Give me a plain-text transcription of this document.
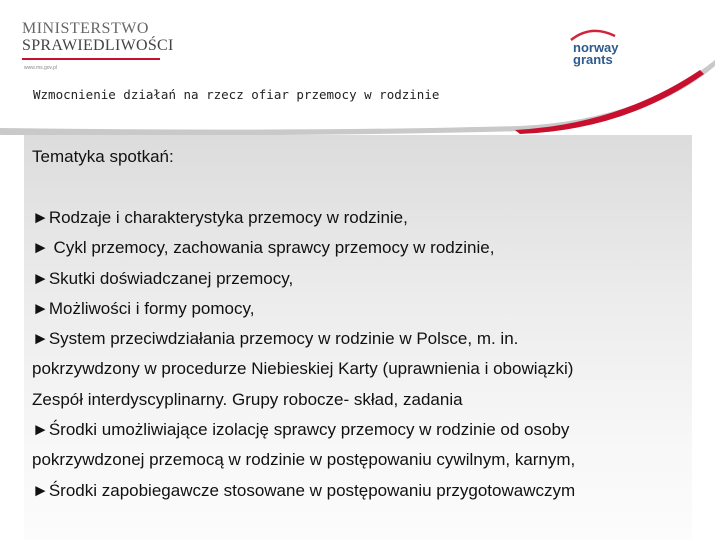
MINISTERSTWO
SPRAWIEDLIWOŚCI
www.ms.gov.pl
Wzmocnienie działań na rzecz ofiar przemocy w rodzinie
norway
grants
Tematyka spotkań:
►Rodzaje i charakterystyka przemocy w rodzinie,
► Cykl przemocy, zachowania sprawcy przemocy w rodzinie,
►Skutki doświadczanej przemocy,
►Możliwości i formy pomocy,
►System przeciwdziałania przemocy w rodzinie w Polsce, m. in.
pokrzywdzony w procedurze Niebieskiej Karty (uprawnienia i obowiązki)
Zespół interdyscyplinarny. Grupy robocze- skład, zadania
►Środki umożliwiające izolację sprawcy przemocy w rodzinie od osoby
pokrzywdzonej przemocą w rodzinie w postępowaniu cywilnym, karnym,
►Środki zapobiegawcze stosowane w postępowaniu przygotowawczym
